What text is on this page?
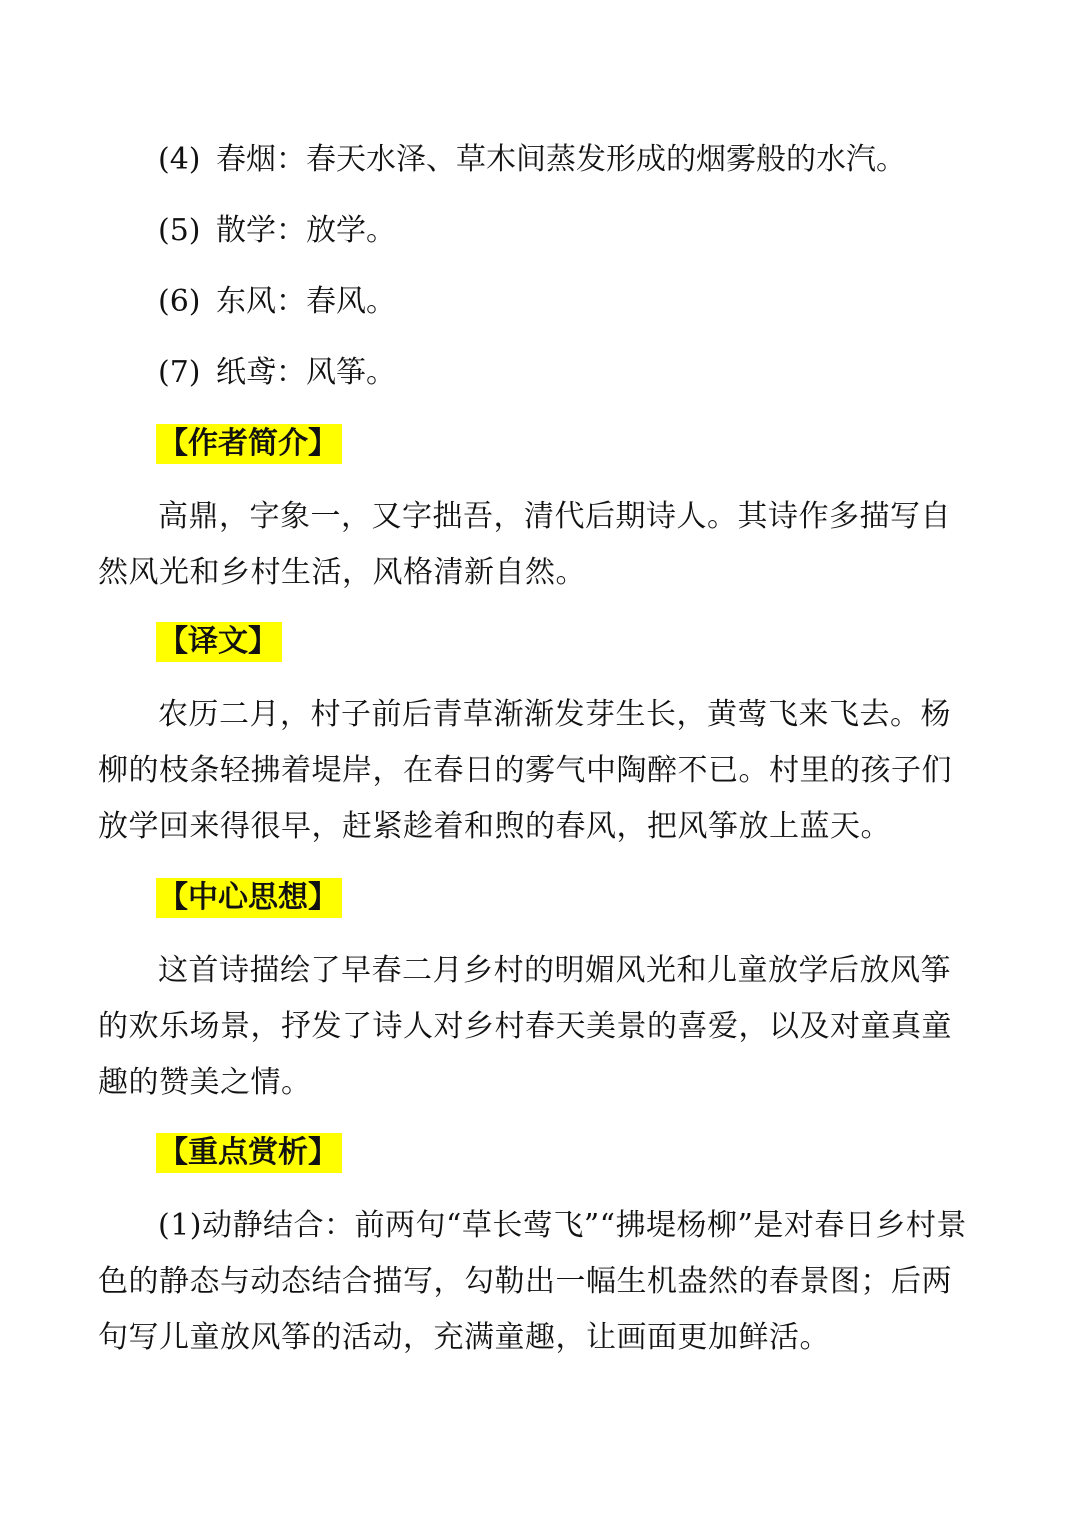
(4) 春烟：春天水泽、草木间蒸发形成的烟雾般的水汽。
(5) 散学：放学。
(6) 东风：春风。
(7) 纸鸢：风筝。
【作者简介】
高鼎，字象一，又字拙吾，清代后期诗人。其诗作多描写自然风光和乡村生活，风格清新自然。
【译文】
农历二月，村子前后青草渐渐发芽生长，黄莺飞来飞去。杨柳的枝条轻拂着堤岸，在春日的雾气中陶醉不已。村里的孩子们放学回来得很早，赶紧趁着和煦的春风，把风筝放上蓝天。
【中心思想】
这首诗描绘了早春二月乡村的明媚风光和儿童放学后放风筝的欢乐场景，抒发了诗人对乡村春天美景的喜爱，以及对童真童趣的赞美之情。
【重点赏析】
(1)动静结合：前两句“草长莺飞”“拂堤杨柳”是对春日乡村景色的静态与动态结合描写，勾勒出一幅生机盎然的春景图；后两句写儿童放风筝的活动，充满童趣，让画面更加鲜活。
